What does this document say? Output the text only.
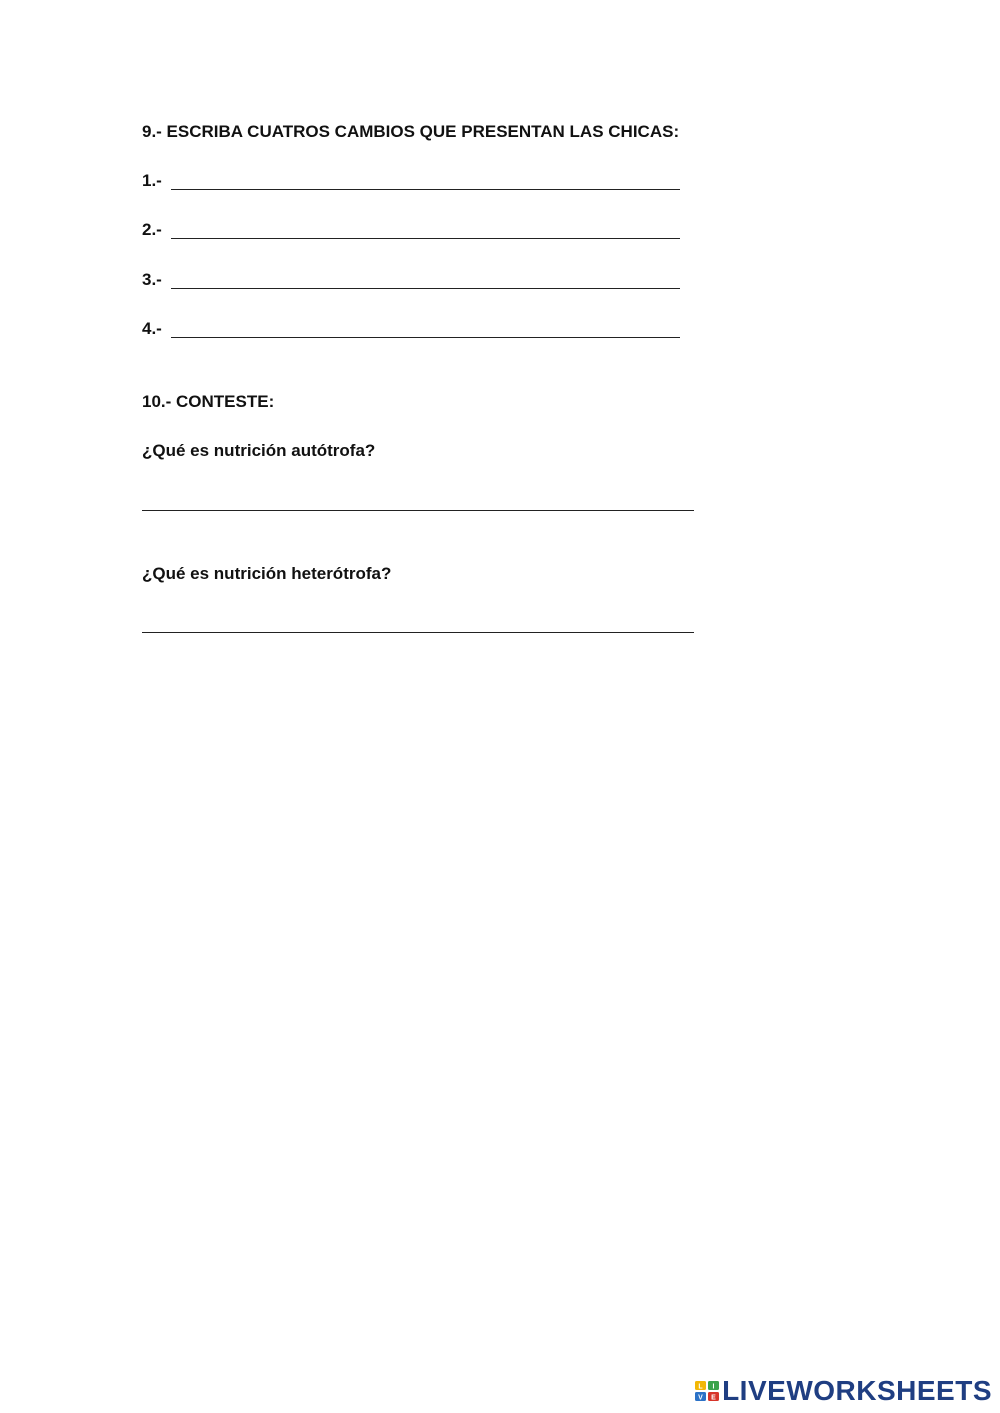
9.- ESCRIBA CUATROS CAMBIOS QUE PRESENTAN LAS CHICAS:
1.-
2.-
3.-
4.-
10.- CONTESTE:
¿Qué es nutrición autótrofa?
¿Qué es nutrición heterótrofa?
L I
V E LIVEWORKSHEETS
